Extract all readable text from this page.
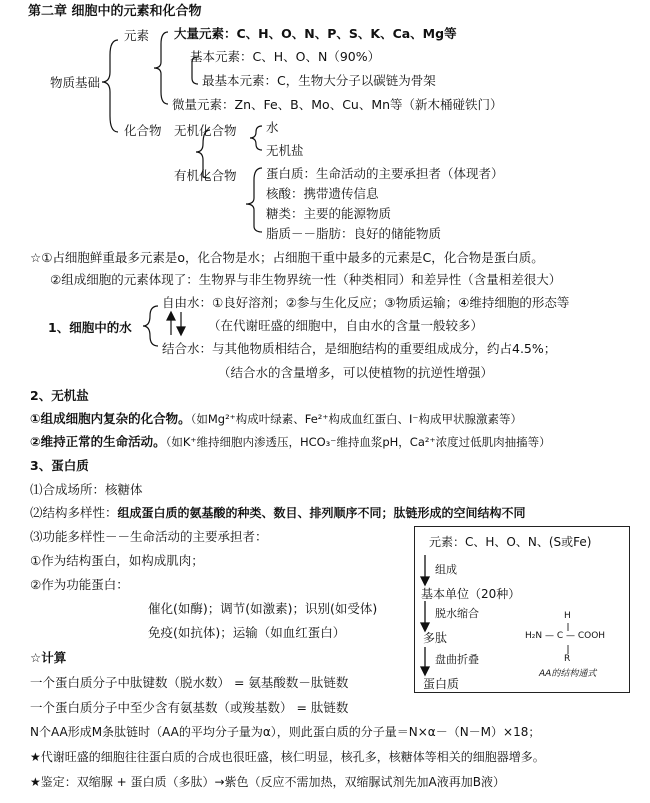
第二章 细胞中的元素和化合物
物质基础
元素 大量元素：C、H、O、N、P、S、K、Ca、Mg等
基本元素：C、H、O、N（90%）
最基本元素：C，生物大分子以碳链为骨架
微量元素：Zn、Fe、B、Mo、Cu、Mn等（新木桶碰铁门）
化合物 无机化合物 水
无机盐
有机化合物 蛋白质：生命活动的主要承担者（体现者）
核酸：携带遗传信息
糖类：主要的能源物质
脂质－－脂肪：良好的储能物质
☆①占细胞鲜重最多元素是o，化合物是水；占细胞干重中最多的元素是C，化合物是蛋白质。
②组成细胞的元素体现了：生物界与非生物界统一性（种类相同）和差异性（含量相差很大）
1、细胞中的水
自由水：①良好溶剂；②参与生化反应；③物质运输；④维持细胞的形态等
（在代谢旺盛的细胞中，自由水的含量一般较多）
结合水：与其他物质相结合，是细胞结构的重要组成成分，约占4.5%；
（结合水的含量增多，可以使植物的抗逆性增强）
2、无机盐
①组成细胞内复杂的化合物。（如Mg²⁺构成叶绿素、Fe²⁺构成血红蛋白、I⁻构成甲状腺激素等）
②维持正常的生命活动。（如K⁺维持细胞内渗透压，HCO₃⁻维持血浆pH，Ca²⁺浓度过低肌肉抽搐等）
3、蛋白质
⑴合成场所：核糖体
⑵结构多样性：组成蛋白质的氨基酸的种类、数目、排列顺序不同；肽链形成的空间结构不同
⑶功能多样性－－生命活动的主要承担者：
①作为结构蛋白，如构成肌肉；
②作为功能蛋白：
催化(如酶)；调节(如激素)；识别(如受体)
免疫(如抗体)；运输（如血红蛋白）
元素：C、H、O、N、(S或Fe)
组成
基本单位（20种）
脱水缩合
多肽
盘曲折叠
蛋白质
H
H₂N — C — COOH
R
AA的结构通式
☆计算
一个蛋白质分子中肽键数（脱水数） = 氨基酸数－肽链数
一个蛋白质分子中至少含有氨基数（或羧基数） = 肽链数
N个AA形成M条肽链时（AA的平均分子量为α），则此蛋白质的分子量＝N×α－（N－M）×18；
★代谢旺盛的细胞往往蛋白质的合成也很旺盛，核仁明显，核孔多，核糖体等相关的细胞器增多。
★鉴定：双缩脲 + 蛋白质（多肽）→紫色（反应不需加热，双缩脲试剂先加A液再加B液）
